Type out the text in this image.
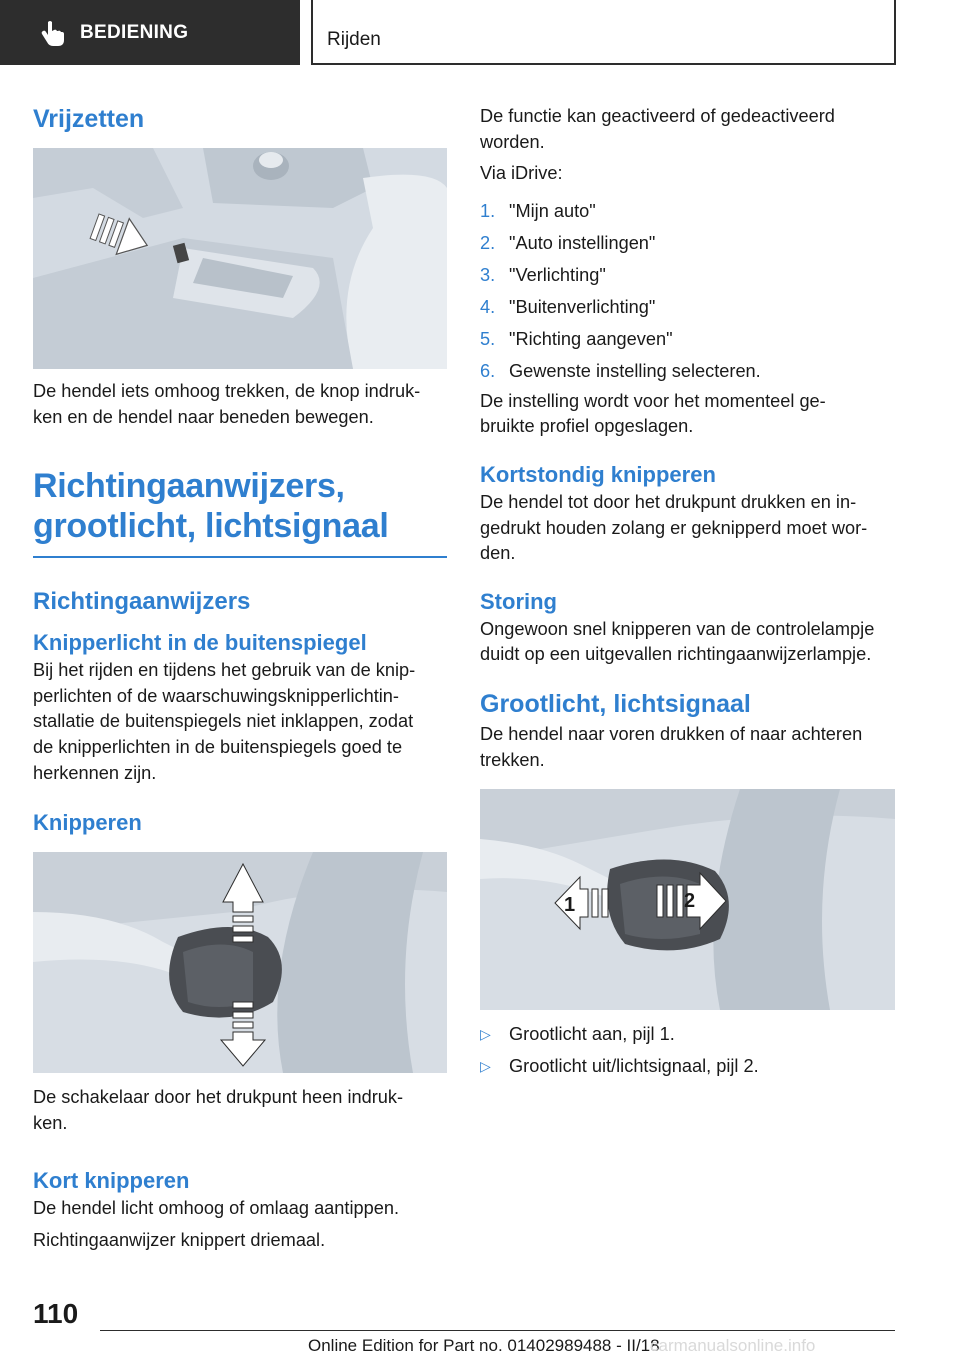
BEDIENING	Rijden
Vrijzetten

De hendel iets omhoog trekken, de knop indruk-
ken en de hendel naar beneden bewegen.

Richtingaanwijzers,
grootlicht, lichtsignaal
Richtingaanwijzers
Knipperlicht in de buitenspiegel

Bij het rijden en tijdens het gebruik van de knip-
perlichten of de waarschuwingsknipperlichtin-
stallatie de buitenspiegels niet inklappen, zodat
de knipperlichten in de buitenspiegels goed te
herkennen zijn.

Knipperen

De schakelaar door het drukpunt heen indruk-
ken.

Kort knipperen

De hendel licht omhoog of omlaag aantippen.

Richtingaanwijzer knippert driemaal.

De functie kan geactiveerd of gedeactiveerd
worden.

Via iDrive:

1. "Mijn auto"
2. "Auto instellingen"
3. "Verlichting"
4. "Buitenverlichting"
5. "Richting aangeven"
6. Gewenste instelling selecteren.

De instelling wordt voor het momenteel ge-
bruikte profiel opgeslagen.

Kortstondig knipperen

De hendel tot door het drukpunt drukken en in-
gedrukt houden zolang er geknipperd moet wor-
den.

Storing

Ongewoon snel knipperen van de controlelampje
duidt op een uitgevallen richtingaanwijzerlampje.

Grootlicht, lichtsignaal

De hendel naar voren drukken of naar achteren
trekken.

1	2
▷	Grootlicht aan, pijl 1.
▷	Grootlicht uit/lichtsignaal, pijl 2.
110
Online Edition for Part no. 01402989488 - II/18
carmanualsonline.info
